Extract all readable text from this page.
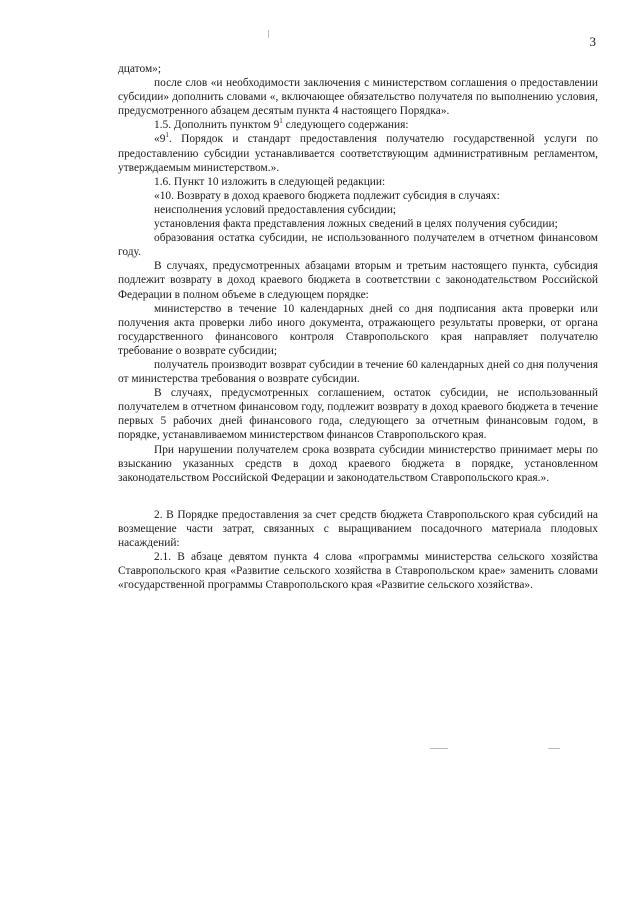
3

дцатом»;

после слов «и необходимости заключения с министерством соглашения о предоставлении субсидии» дополнить словами «, включающее обязательство получателя по выполнению условия, предусмотренного абзацем десятым пункта 4 настоящего Порядка».

1.5. Дополнить пунктом $9^1$ следующего содержания:

«$9^1$. Порядок и стандарт предоставления получателю государственной услуги по предоставлению субсидии устанавливается соответствующим административным регламентом, утверждаемым министерством.».

1.6. Пункт 10 изложить в следующей редакции:

«10. Возврату в доход краевого бюджета подлежит субсидия в случаях:

неисполнения условий предоставления субсидии;

установления факта представления ложных сведений в целях получения субсидии;

образования остатка субсидии, не использованного получателем в отчетном финансовом году.

В случаях, предусмотренных абзацами вторым и третьим настоящего пункта, субсидия подлежит возврату в доход краевого бюджета в соответствии с законодательством Российской Федерации в полном объеме в следующем порядке:

министерство в течение 10 календарных дней со дня подписания акта проверки или получения акта проверки либо иного документа, отражающего результаты проверки, от органа государственного финансового контроля Ставропольского края направляет получателю требование о возврате субсидии;

получатель производит возврат субсидии в течение 60 календарных дней со дня получения от министерства требования о возврате субсидии.

В случаях, предусмотренных соглашением, остаток субсидии, не использованный получателем в отчетном финансовом году, подлежит возврату в доход краевого бюджета в течение первых 5 рабочих дней финансового года, следующего за отчетным финансовым годом, в порядке, устанавливаемом министерством финансов Ставропольского края.

При нарушении получателем срока возврата субсидии министерство принимает меры по взысканию указанных средств в доход краевого бюджета в порядке, установленном законодательством Российской Федерации и законодательством Ставропольского края.».

2. В Порядке предоставления за счет средств бюджета Ставропольского края субсидий на возмещение части затрат, связанных с выращиванием посадочного материала плодовых насаждений:

2.1. В абзаце девятом пункта 4 слова «программы министерства сельского хозяйства Ставропольского края «Развитие сельского хозяйства в Ставропольском крае» заменить словами «государственной программы Ставропольского края «Развитие сельского хозяйства».
